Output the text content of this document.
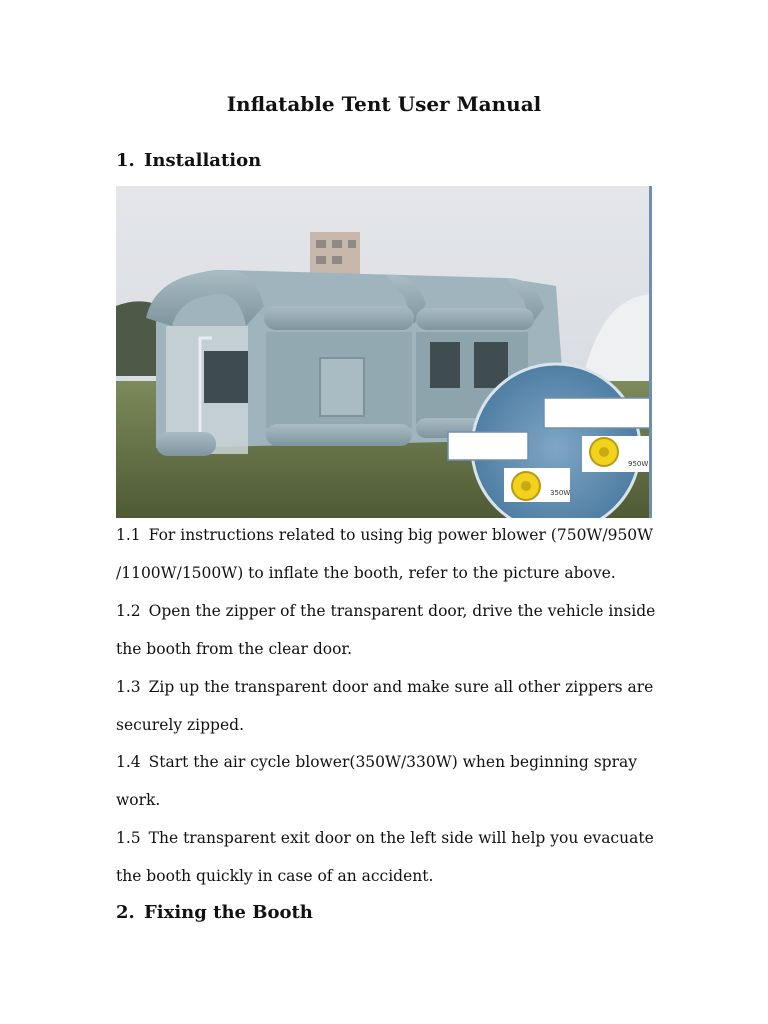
Inflatable Tent User Manual
1. Installation
350W
950W

1.1 For instructions related to using big power blower (750W/950W /1100W/1500W) to inflate the booth, refer to the picture above.

1.2 Open the zipper of the transparent door, drive the vehicle inside the booth from the clear door.

1.3 Zip up the transparent door and make sure all other zippers are securely zipped.

1.4 Start the air cycle blower(350W/330W) when beginning spray work.

1.5 The transparent exit door on the left side will help you evacuate the booth quickly in case of an accident.

2. Fixing the Booth
